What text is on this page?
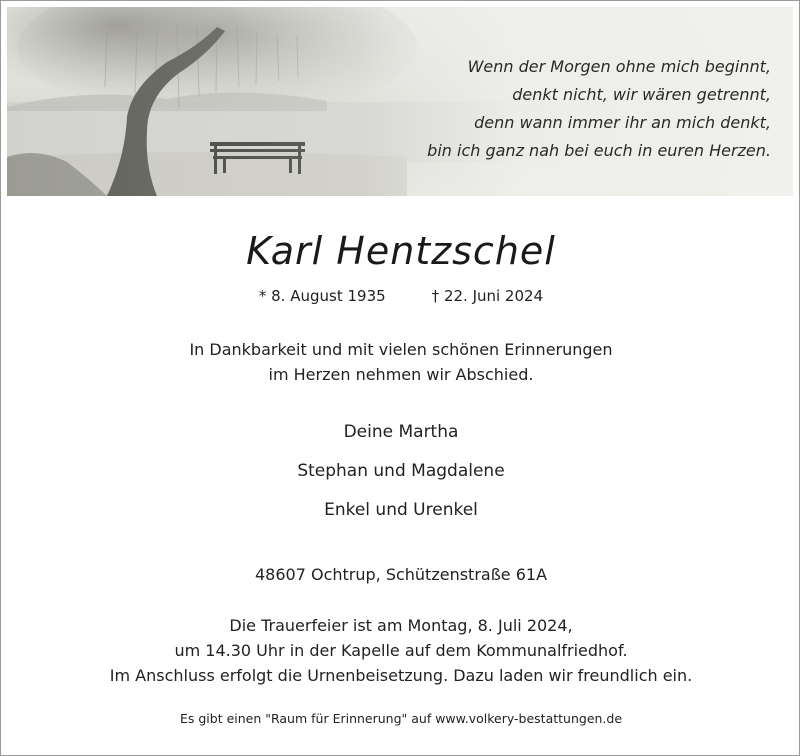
Wenn der Morgen ohne mich beginnt,
denkt nicht, wir wären getrennt,
denn wann immer ihr an mich denkt,
bin ich ganz nah bei euch in euren Herzen.
Karl Hentzschel
* 8. August 1935	† 22. Juni 2024
In Dankbarkeit und mit vielen schönen Erinnerungen
im Herzen nehmen wir Abschied.
Deine Martha
Stephan und Magdalene
Enkel und Urenkel
48607 Ochtrup, Schützenstraße 61A
Die Trauerfeier ist am Montag, 8. Juli 2024,
um 14.30 Uhr in der Kapelle auf dem Kommunalfriedhof.
Im Anschluss erfolgt die Urnenbeisetzung. Dazu laden wir freundlich ein.
Es gibt einen "Raum für Erinnerung" auf www.volkery-bestattungen.de
